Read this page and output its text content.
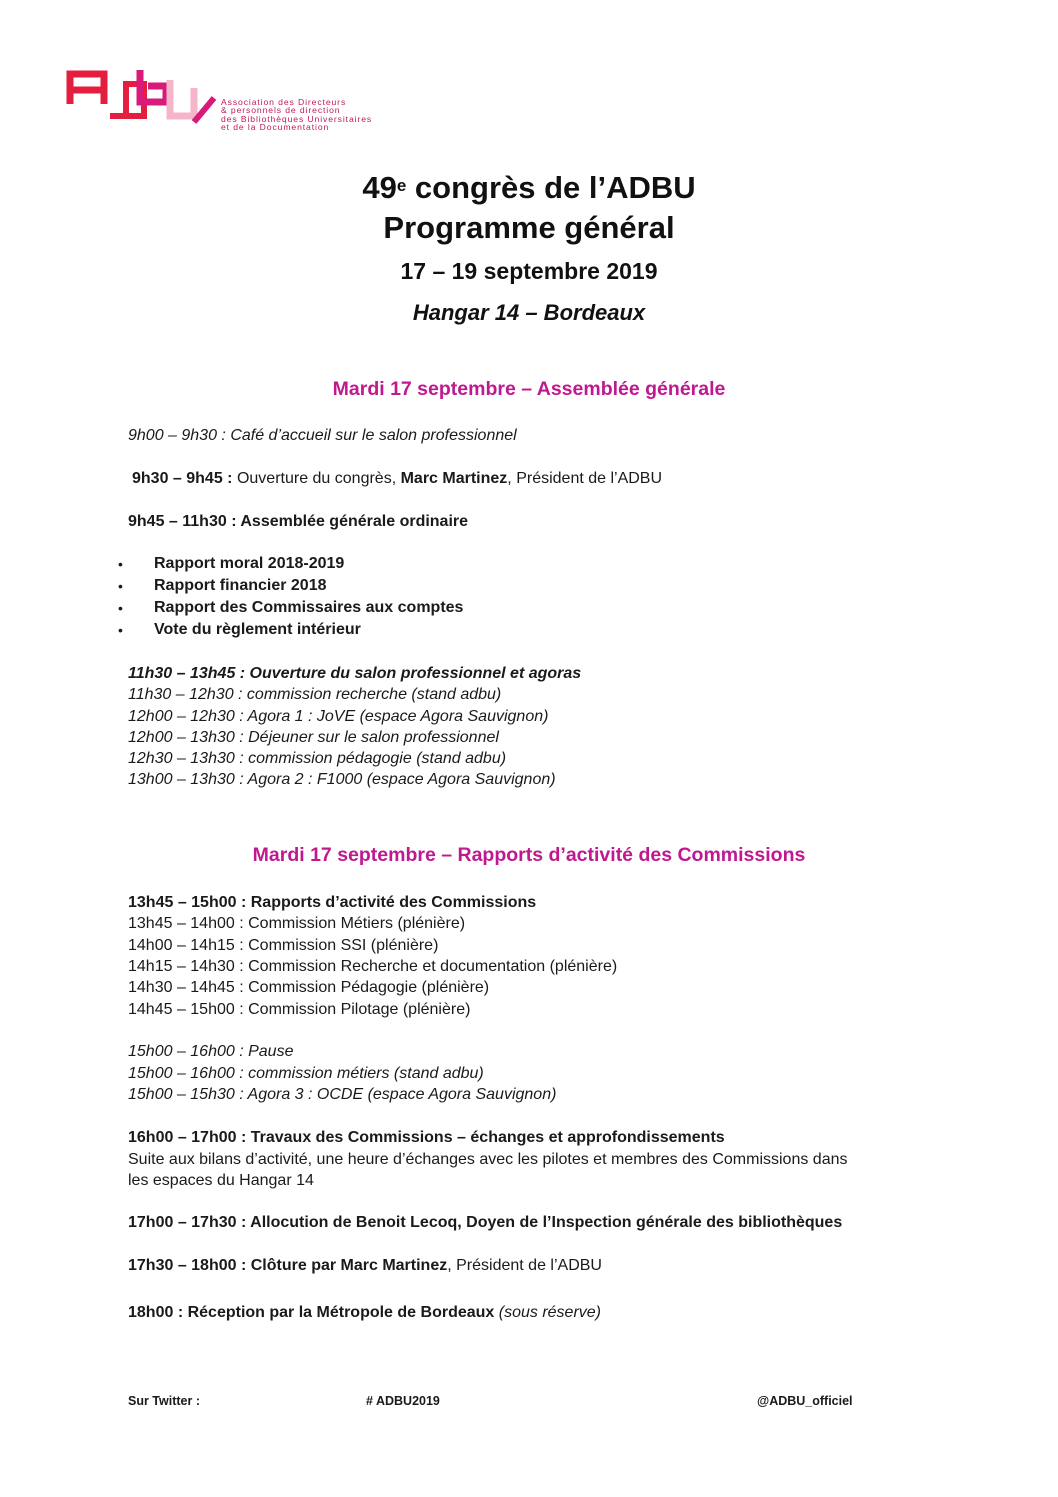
Association des Directeurs
& personnels de direction
des Bibliothèques Universitaires
et de la Documentation
49e congrès de l’ADBU
Programme général
17 – 19 septembre 2019
Hangar 14 – Bordeaux
Mardi 17 septembre – Assemblée générale
9h00 – 9h30 : Café d’accueil sur le salon professionnel
9h30 – 9h45 : Ouverture du congrès, Marc Martinez, Président de l’ADBU
9h45 – 11h30 : Assemblée générale ordinaire
• Rapport moral 2018-2019
• Rapport financier 2018
• Rapport des Commissaires aux comptes
• Vote du règlement intérieur
11h30 – 13h45 : Ouverture du salon professionnel et agoras
11h30 – 12h30 : commission recherche (stand adbu)
12h00 – 12h30 : Agora 1 : JoVE (espace Agora Sauvignon)
12h00 – 13h30 : Déjeuner sur le salon professionnel
12h30 – 13h30 : commission pédagogie (stand adbu)
13h00 – 13h30 : Agora 2 : F1000 (espace Agora Sauvignon)
Mardi 17 septembre – Rapports d’activité des Commissions
13h45 – 15h00 : Rapports d’activité des Commissions
13h45 – 14h00 : Commission Métiers (plénière)
14h00 – 14h15 : Commission SSI (plénière)
14h15 – 14h30 : Commission Recherche et documentation (plénière)
14h30 – 14h45 : Commission Pédagogie (plénière)
14h45 – 15h00 : Commission Pilotage (plénière)
15h00 – 16h00 : Pause
15h00 – 16h00 : commission métiers (stand adbu)
15h00 – 15h30 : Agora 3 : OCDE (espace Agora Sauvignon)
16h00 – 17h00 : Travaux des Commissions – échanges et approfondissements
Suite aux bilans d’activité, une heure d’échanges avec les pilotes et membres des Commissions dans
les espaces du Hangar 14
17h00 – 17h30 : Allocution de Benoit Lecoq, Doyen de l’Inspection générale des bibliothèques
17h30 – 18h00 : Clôture par Marc Martinez, Président de l’ADBU
18h00 : Réception par la Métropole de Bordeaux (sous réserve)
Sur Twitter :	# ADBU2019	@ADBU_officiel
